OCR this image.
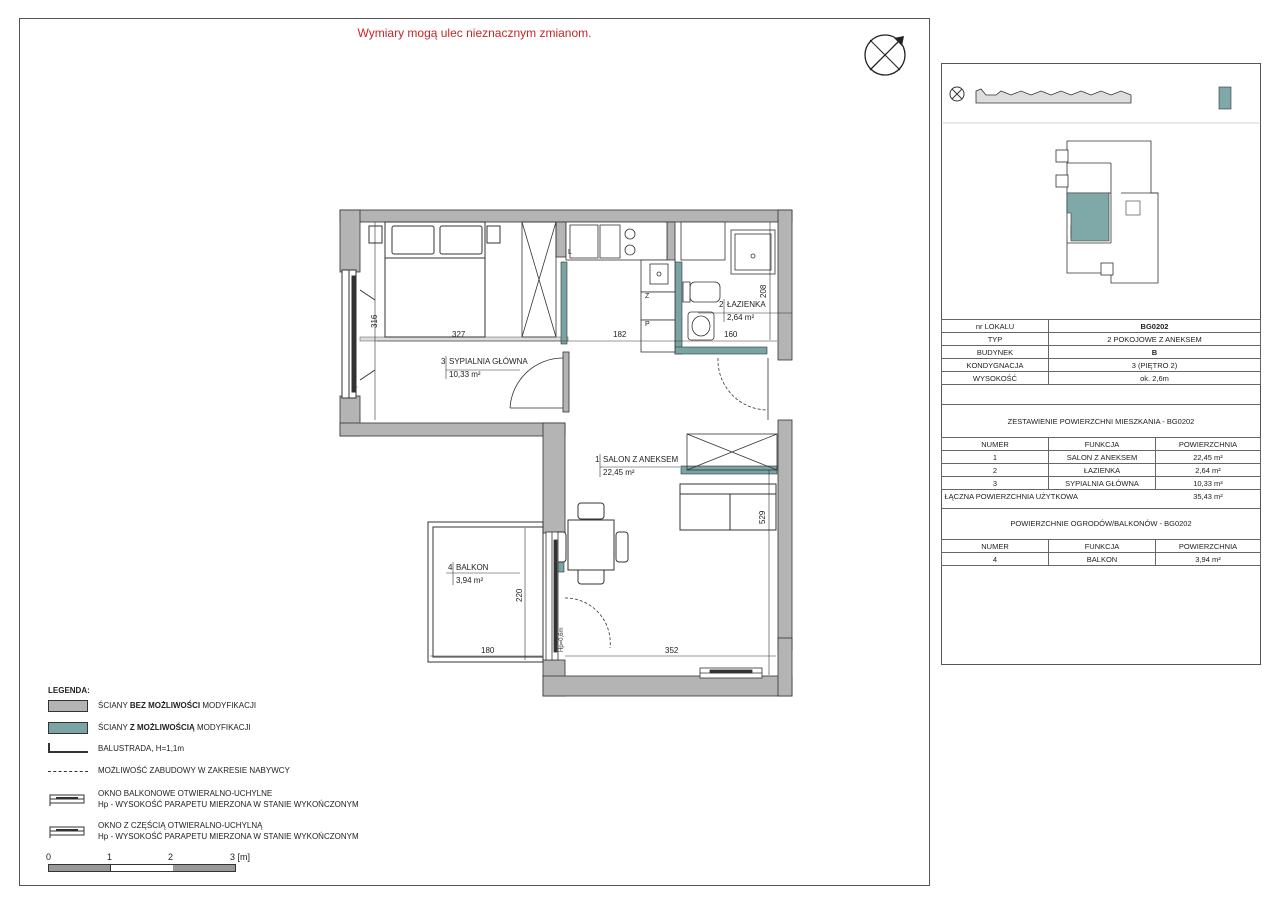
Wymiary mogą ulec nieznacznym zmianom.
Hp=0,6m
L
Z
P
Hp=0,6m
327	182	160
208
316
529
220
180	352
3 SYPIALNIA GŁÓWNA
10,33 m²
2 ŁAZIENKA
2,64 m²
1 SALON Z ANEKSEM
22,45 m²
4 BALKON
3,94 m²
LEGENDA:
ŚCIANY BEZ MOŻLIWOŚCI MODYFIKACJI
ŚCIANY Z MOŻLIWOŚCIĄ MODYFIKACJI
BALUSTRADA, H=1,1m
MOŻLIWOŚĆ ZABUDOWY W ZAKRESIE NABYWCY
OKNO BALKONOWE OTWIERALNO-UCHYLNE
Hp - WYSOKOŚĆ PARAPETU MIERZONA W STANIE WYKOŃCZONYM
OKNO Z CZĘŚCIĄ OTWIERALNO-UCHYLNĄ
Hp - WYSOKOŚĆ PARAPETU MIERZONA W STANIE WYKOŃCZONYM
0	1	2	3 [m]
nr LOKALU	BG0202
TYP	2 POKOJOWE Z ANEKSEM
BUDYNEK	B
KONDYGNACJA	3 (PIĘTRO 2)
WYSOKOŚĆ	ok. 2,6m
ZESTAWIENIE POWIERZCHNI MIESZKANIA - BG0202
NUMER	FUNKCJA	POWIERZCHNIA
1	SALON Z ANEKSEM	22,45 m²
2	ŁAZIENKA	2,64 m²
3	SYPIALNIA GŁÓWNA	10,33 m²
ŁĄCZNA POWIERZCHNIA UŻYTKOWA		35,43 m²
POWIERZCHNIE OGRODÓW/BALKONÓW - BG0202
NUMER	FUNKCJA	POWIERZCHNIA
4	BALKON	3,94 m²
